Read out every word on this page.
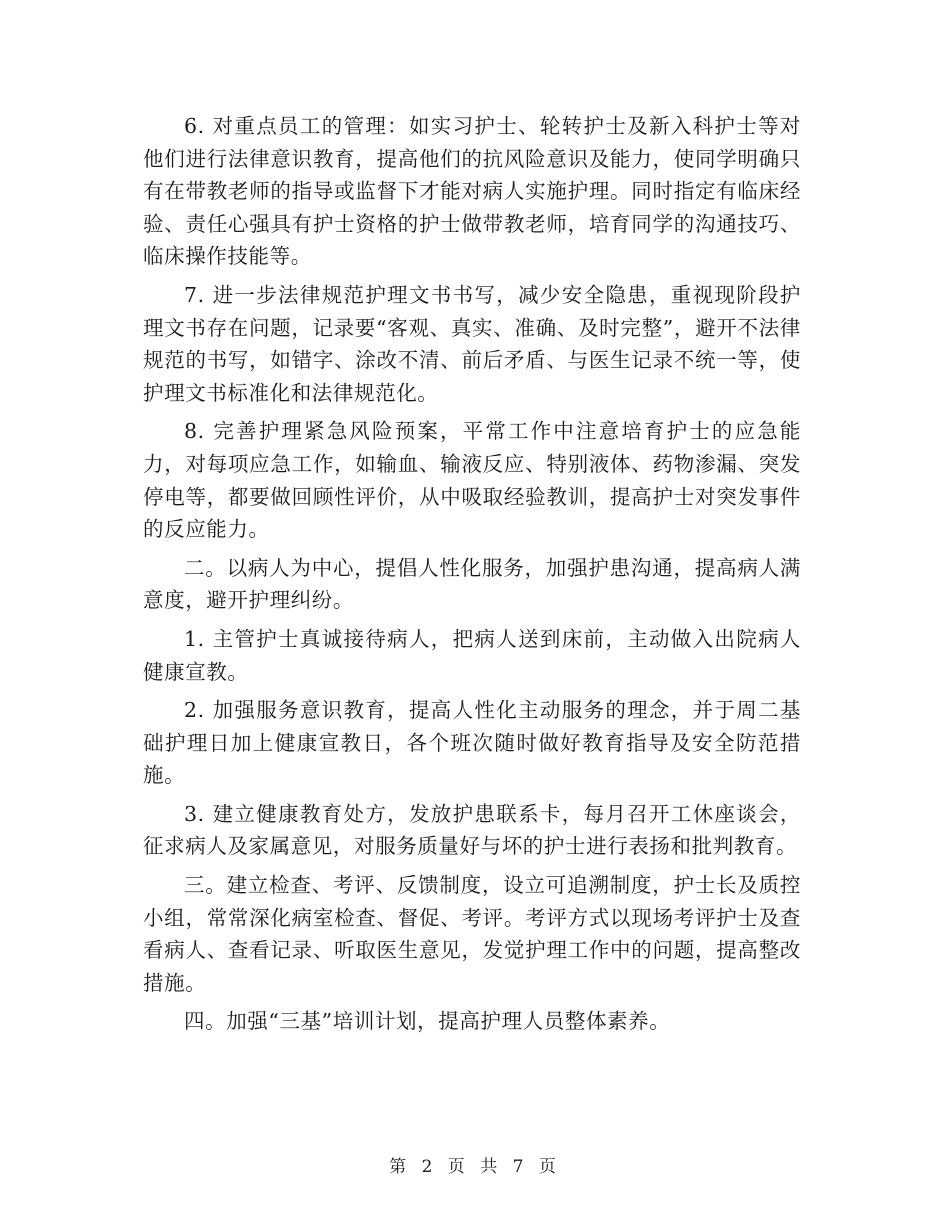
6. 对重点员工的管理：如实习护士、轮转护士及新入科护士等对他们进行法律意识教育，提高他们的抗风险意识及能力，使同学明确只有在带教老师的指导或监督下才能对病人实施护理。同时指定有临床经验、责任心强具有护士资格的护士做带教老师，培育同学的沟通技巧、临床操作技能等。

7. 进一步法律规范护理文书书写，减少安全隐患，重视现阶段护理文书存在问题，记录要“客观、真实、准确、及时完整”，避开不法律规范的书写，如错字、涂改不清、前后矛盾、与医生记录不统一等，使护理文书标准化和法律规范化。

8. 完善护理紧急风险预案，平常工作中注意培育护士的应急能力，对每项应急工作，如输血、输液反应、特别液体、药物渗漏、突发停电等，都要做回顾性评价，从中吸取经验教训，提高护士对突发事件的反应能力。

二。以病人为中心，提倡人性化服务，加强护患沟通，提高病人满意度，避开护理纠纷。

1. 主管护士真诚接待病人，把病人送到床前，主动做入出院病人健康宣教。

2. 加强服务意识教育，提高人性化主动服务的理念，并于周二基础护理日加上健康宣教日，各个班次随时做好教育指导及安全防范措施。

3. 建立健康教育处方，发放护患联系卡，每月召开工休座谈会，征求病人及家属意见，对服务质量好与坏的护士进行表扬和批判教育。

三。建立检查、考评、反馈制度，设立可追溯制度，护士长及质控小组，常常深化病室检查、督促、考评。考评方式以现场考评护士及查看病人、查看记录、听取医生意见，发觉护理工作中的问题，提高整改措施。

四。加强“三基”培训计划，提高护理人员整体素养。

第 2 页 共 7 页
